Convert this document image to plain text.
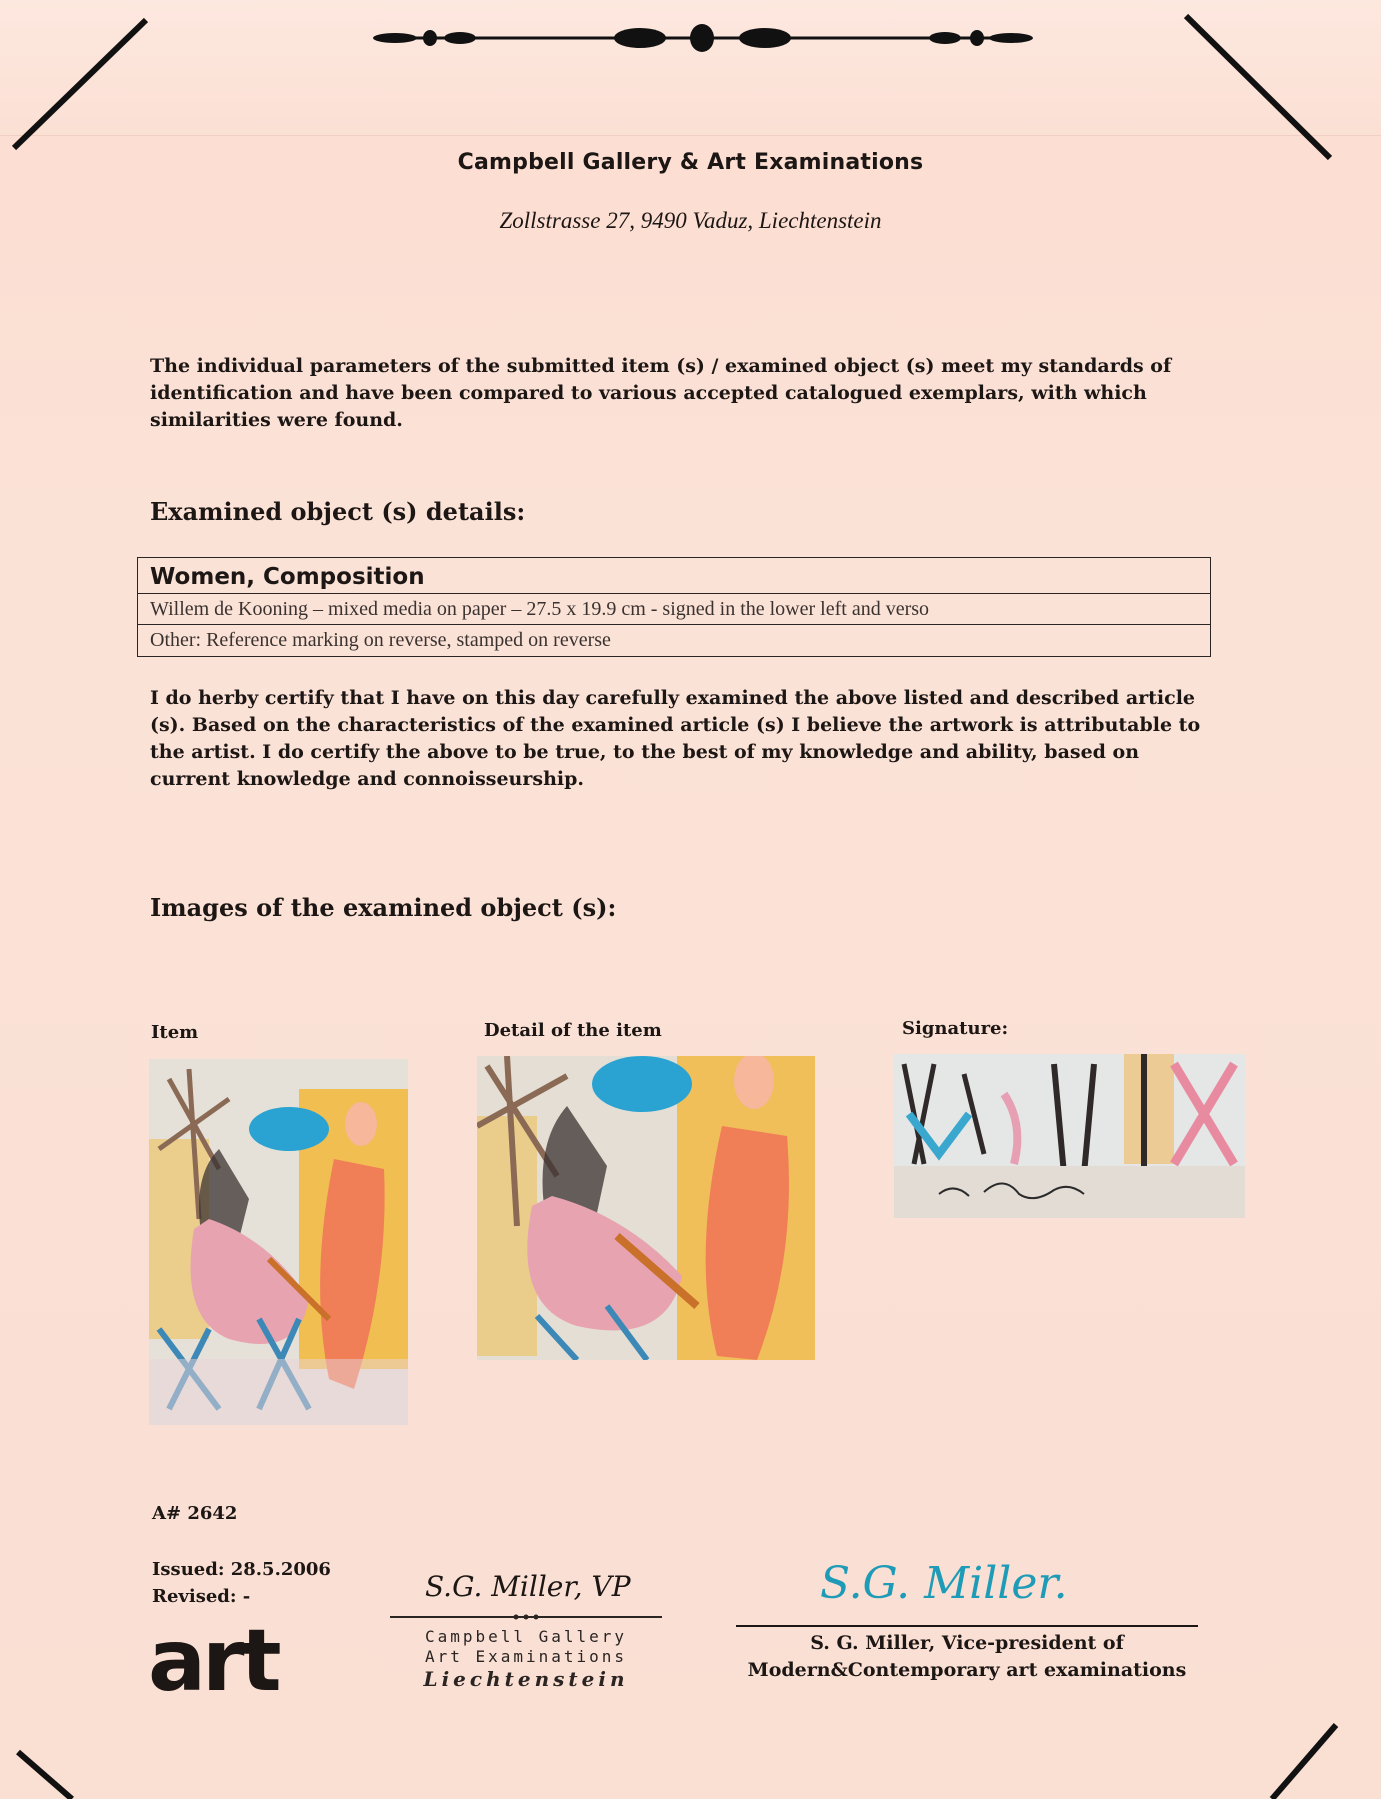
Campbell Gallery & Art Examinations
Zollstrasse 27, 9490 Vaduz, Liechtenstein
The individual parameters of the submitted item (s) / examined object (s) meet my standards of identification and have been compared to various accepted catalogued exemplars, with which similarities were found.
Examined object (s) details:
Women, Composition
Willem de Kooning – mixed media on paper – 27.5 x 19.9 cm - signed in the lower left and verso
Other: Reference marking on reverse, stamped on reverse
I do herby certify that I have on this day carefully examined the above listed and described article (s). Based on the characteristics of the examined article (s) I believe the artwork is attributable to the artist. I do certify the above to be true, to the best of my knowledge and ability, based on current knowledge and connoisseurship.
Images of the examined object (s):
Item	Detail of the item	Signature:
A# 2642
Issued: 28.5.2006
Revised: -
art
S.G. Miller, VP
Campbell Gallery
Art Examinations
Liechtenstein
S.G. Miller.
S. G. Miller, Vice-president of
Modern&Contemporary art examinations
